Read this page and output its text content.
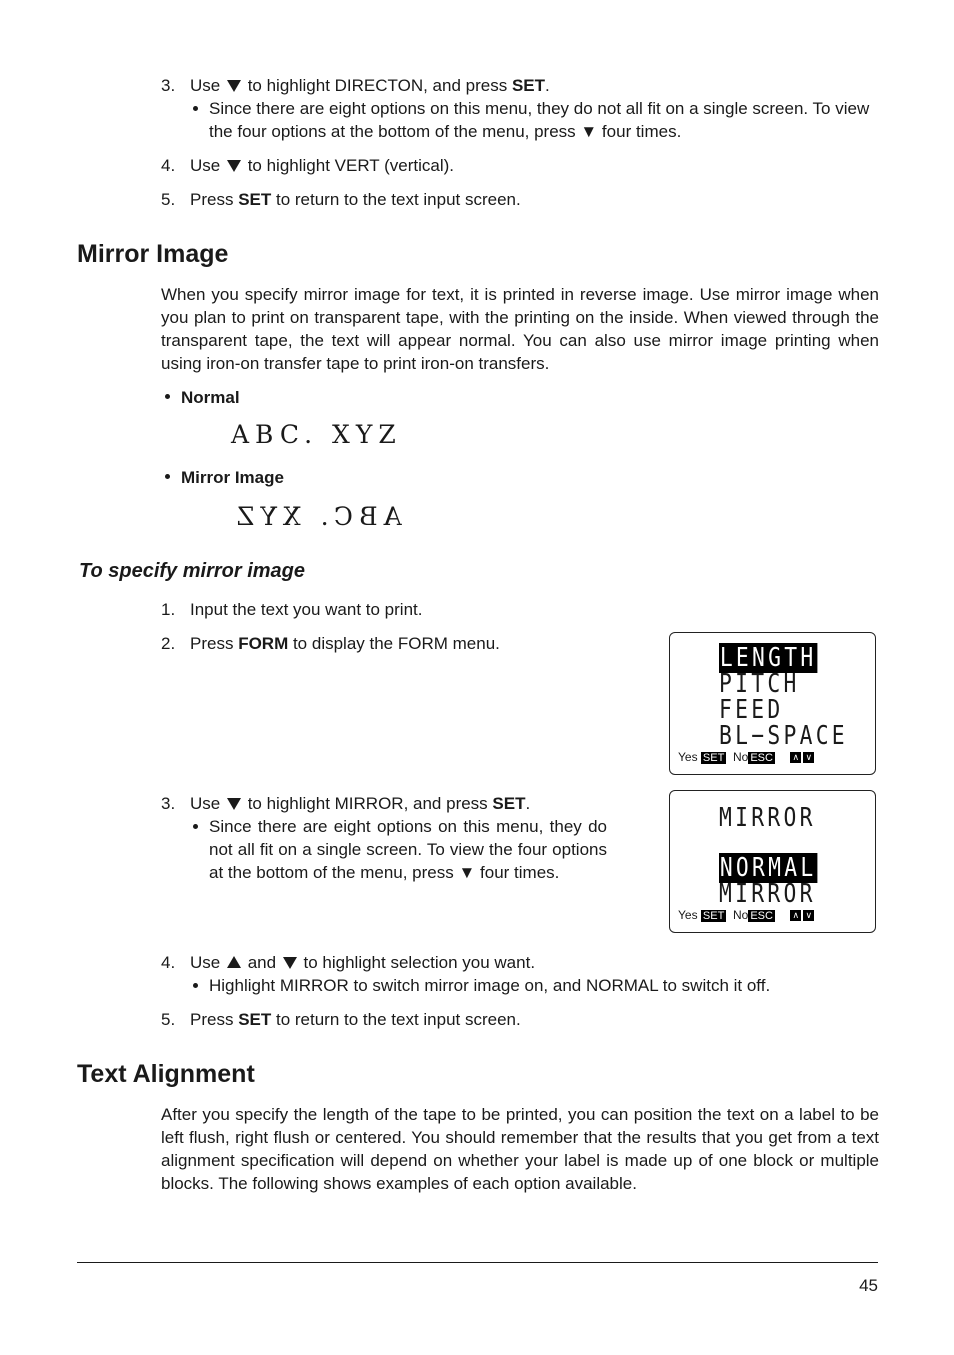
3. Use  to highlight DIRECTON, and press SET.
Since there are eight options on this menu, they do not all fit on a single screen. To view the four options at the bottom of the menu, press ▼ four times.
4. Use  to highlight VERT (vertical).
5. Press SET to return to the text input screen.
Mirror Image
When you specify mirror image for text, it is printed in reverse image. Use mirror image when you plan to print on transparent tape, with the printing on the inside. When viewed through the transparent tape, the text will appear normal. You can also use mirror image printing when using iron-on transfer tape to print iron-on transfers.
Normal
ABC. XYZ
Mirror Image
ABC. XYZ
To specify mirror image
1. Input the text you want to print.
2. Press FORM to display the FORM menu.	LENGTH
PITCH
FEED
BL−SPACE
Yes SET No ESC ∧ ∨
3. Use  to highlight MIRROR, and press SET.
Since there are eight options on this menu, they do not all fit on a single screen. To view the four options at the bottom of the menu, press ▼ four times.
MIRROR
NORMAL
MIRROR
Yes SET No ESC ∧ ∨
4. Use  and  to highlight selection you want.
Highlight MIRROR to switch mirror image on, and NORMAL to switch it off.
5. Press SET to return to the text input screen.
Text Alignment
After you specify the length of the tape to be printed, you can position the text on a label to be left flush, right flush or centered. You should remember that the results that you get from a text alignment specification will depend on whether your label is made up of one block or multiple blocks. The following shows examples of each option available.
45
